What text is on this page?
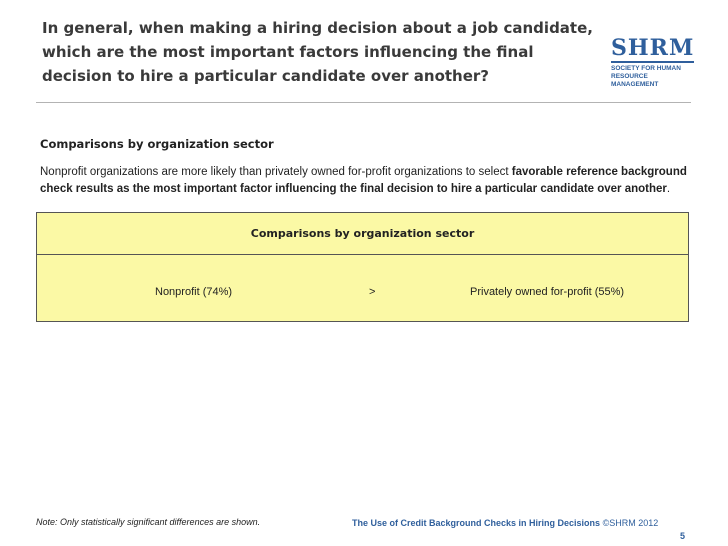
In general, when making a hiring decision about a job candidate, which are the most important factors influencing the final decision to hire a particular candidate over another?
SHRM
SOCIETY FOR HUMAN
RESOURCE MANAGEMENT
Comparisons by organization sector
Nonprofit organizations are more likely than privately owned for-profit organizations to select favorable reference background check results as the most important factor influencing the final decision to hire a particular candidate over another.
Comparisons by organization sector
Nonprofit (74%)	>	Privately owned for-profit (55%)
Note: Only statistically significant differences are shown.	The Use of Credit Background Checks in Hiring Decisions ©SHRM 2012
5
